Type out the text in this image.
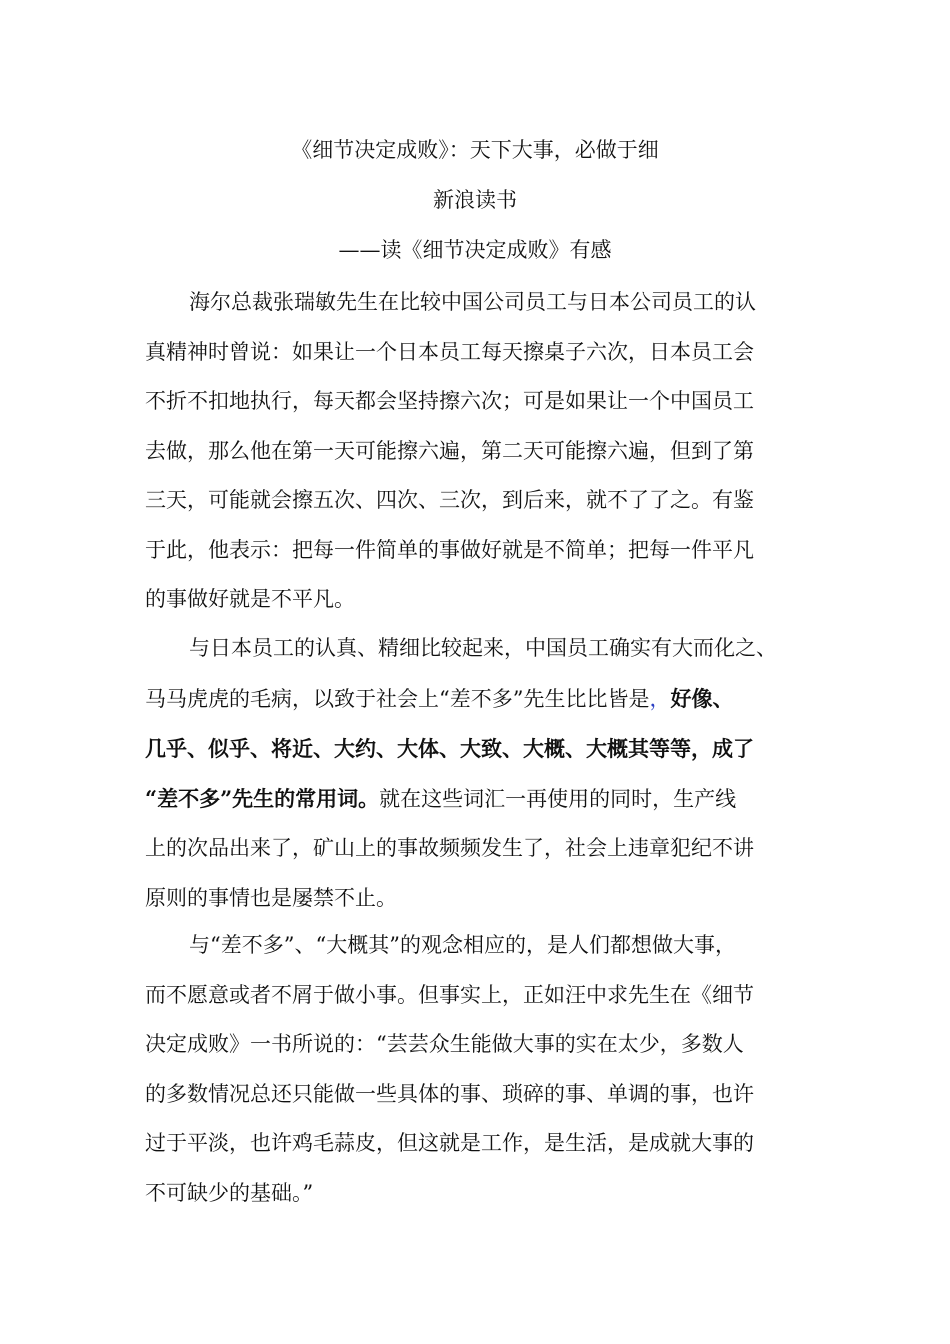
《细节决定成败》：天下大事，必做于细
新浪读书
——读《细节决定成败》有感
海尔总裁张瑞敏先生在比较中国公司员工与日本公司员工的认
真精神时曾说：如果让一个日本员工每天擦桌子六次，日本员工会
不折不扣地执行，每天都会坚持擦六次；可是如果让一个中国员工
去做，那么他在第一天可能擦六遍，第二天可能擦六遍，但到了第
三天，可能就会擦五次、四次、三次，到后来，就不了了之。有鉴
于此，他表示：把每一件简单的事做好就是不简单；把每一件平凡
的事做好就是不平凡。
与日本员工的认真、精细比较起来，中国员工确实有大而化之、
马马虎虎的毛病，以致于社会上“差不多”先生比比皆是，好像、
几乎、似乎、将近、大约、大体、大致、大概、大概其等等，成了
“差不多”先生的常用词。就在这些词汇一再使用的同时，生产线
上的次品出来了，矿山上的事故频频发生了，社会上违章犯纪不讲
原则的事情也是屡禁不止。
与“差不多”、“大概其”的观念相应的，是人们都想做大事，
而不愿意或者不屑于做小事。但事实上，正如汪中求先生在《细节
决定成败》一书所说的：“芸芸众生能做大事的实在太少，多数人
的多数情况总还只能做一些具体的事、琐碎的事、单调的事，也许
过于平淡，也许鸡毛蒜皮，但这就是工作，是生活，是成就大事的
不可缺少的基础。”
